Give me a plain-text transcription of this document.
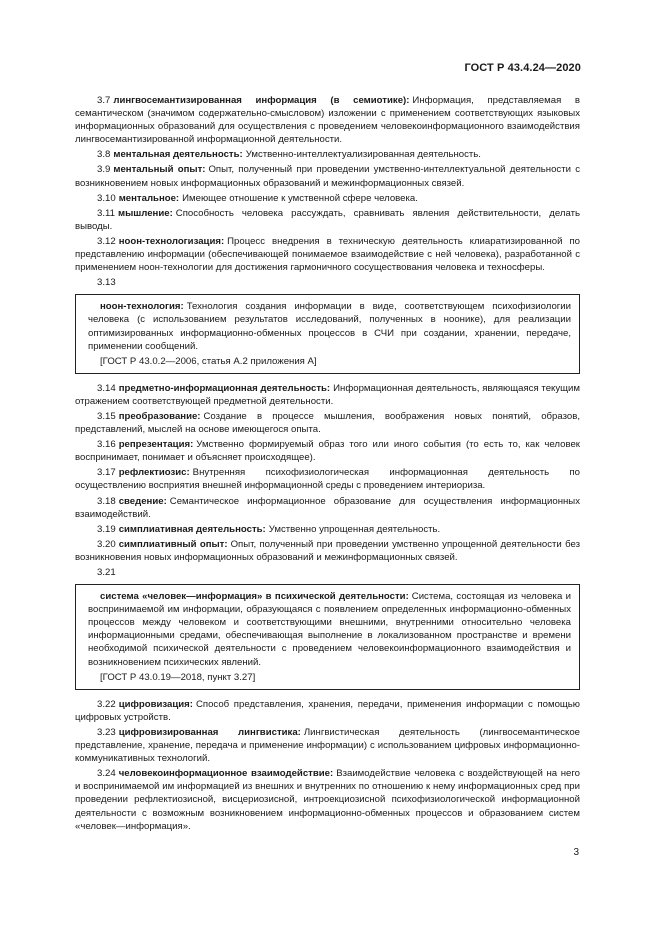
ГОСТ Р 43.4.24—2020

3.7 лингвосемантизированная информация (в семиотике): Информация, представляемая в семантическом (значимом содержательно-смысловом) изложении с применением соответствующих языковых информационных образований для осуществления с проведением человекоинформационного взаимодействия лингвосемантизированной информационной деятельности.

3.8 ментальная деятельность: Умственно-интеллектуализированная деятельность.

3.9 ментальный опыт: Опыт, полученный при проведении умственно-интеллектуальной деятельности с возникновением новых информационных образований и межинформационных связей.

3.10 ментальное: Имеющее отношение к умственной сфере человека.

3.11 мышление: Способность человека рассуждать, сравнивать явления действительности, делать выводы.

3.12 ноон-технологизация: Процесс внедрения в техническую деятельность клиаратизированной по представлению информации (обеспечивающей понимаемое взаимодействие с ней человека), разработанной с применением ноон-технологии для достижения гармоничного сосуществования человека и техносферы.

3.13

ноон-технология: Технология создания информации в виде, соответствующем психофизиологии человека (с использованием результатов исследований, полученных в ноонике), для реализации оптимизированных информационно-обменных процессов в СЧИ при создании, хранении, передаче, применении сообщений.

[ГОСТ Р 43.0.2—2006, статья А.2 приложения А]

3.14 предметно-информационная деятельность: Информационная деятельность, являющаяся текущим отражением соответствующей предметной деятельности.

3.15 преобразование: Создание в процессе мышления, воображения новых понятий, образов, представлений, мыслей на основе имеющегося опыта.

3.16 репрезентация: Умственно формируемый образ того или иного события (то есть то, как человек воспринимает, понимает и объясняет происходящее).

3.17 рефлектиозис: Внутренняя психофизиологическая информационная деятельность по осуществлению восприятия внешней информационной среды с проведением интериоризa.

3.18 сведение: Семантическое информационное образование для осуществления информационных взаимодействий.

3.19 симплиативная деятельность: Умственно упрощенная деятельность.

3.20 симплиативный опыт: Опыт, полученный при проведении умственно упрощенной деятельности без возникновения новых информационных образований и межинформационных связей.

3.21

система «человек—информация» в психической деятельности: Система, состоящая из человека и воспринимаемой им информации, образующаяся с появлением определенных информационно-обменных процессов между человеком и соответствующими внешними, внутренними относительно человека информационными средами, обеспечивающая выполнение в локализованном пространстве и времени необходимой психической деятельности с проведением человекоинформационного взаимодействия и возникновением психических явлений.

[ГОСТ Р 43.0.19—2018, пункт 3.27]

3.22 цифровизация: Способ представления, хранения, передачи, применения информации с помощью цифровых устройств.

3.23 цифровизированная лингвистика: Лингвистическая деятельность (лингвосемантическое представление, хранение, передача и применение информации) с использованием цифровых информационно-коммуникативных технологий.

3.24 человекоинформационное взаимодействие: Взаимодействие человека с воздействующей на него и воспринимаемой им информацией из внешних и внутренних по отношению к нему информационных сред при проведении рефлектиозисной, висцериозисной, интроекциозисной психофизиологической информационной деятельности с возможным возникновением информационно-обменных процессов и образованием систем «человек—информация».

3
